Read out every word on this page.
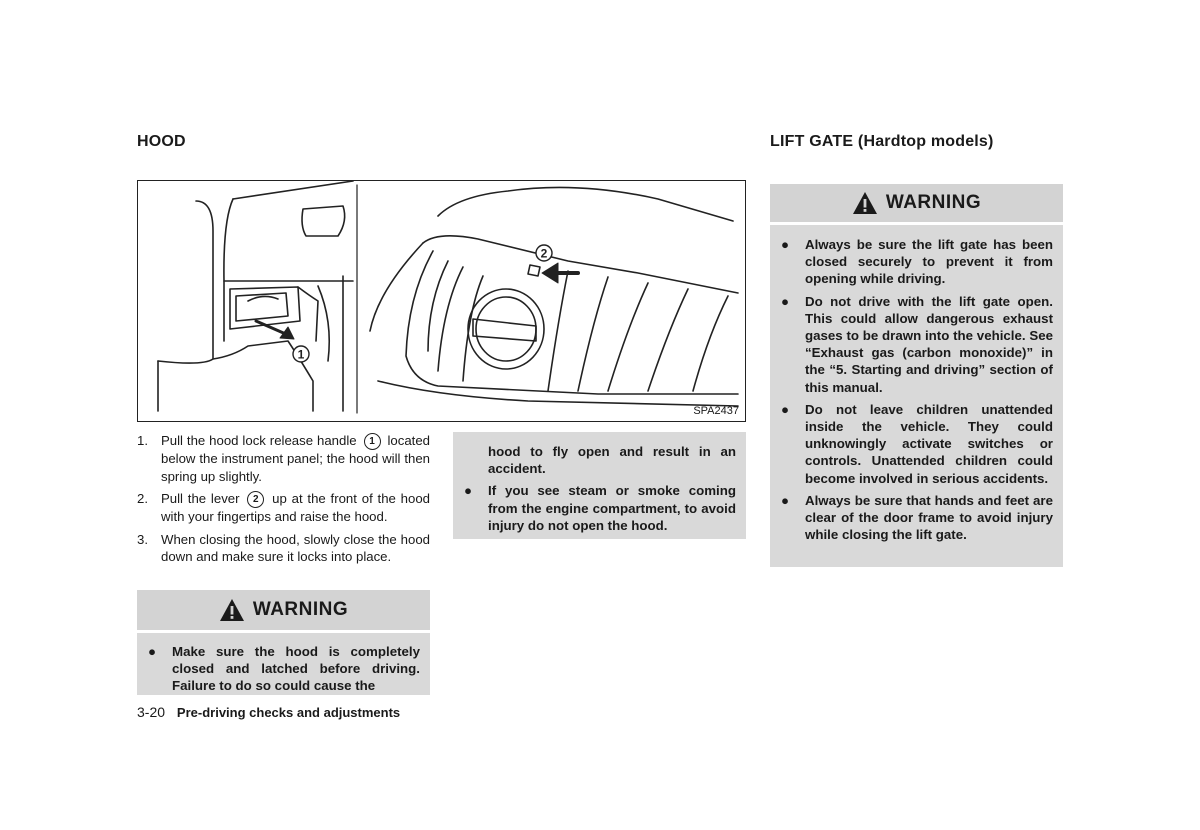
HOOD	LIFT GATE (Hardtop models)
1
2
SPA2437
1. Pull the hood lock release handle 1 located below the instrument panel; the hood will then spring up slightly.
2. Pull the lever 2 up at the front of the hood with your fingertips and raise the hood.
3. When closing the hood, slowly close the hood down and make sure it locks into place.
WARNING
● Make sure the hood is completely closed and latched before driving. Failure to do so could cause the
hood to fly open and result in an accident.
● If you see steam or smoke coming from the engine compartment, to avoid injury do not open the hood.
WARNING
● Always be sure the lift gate has been closed securely to prevent it from opening while driving.
● Do not drive with the lift gate open. This could allow dangerous exhaust gases to be drawn into the vehicle. See “Exhaust gas (carbon monoxide)” in the “5. Starting and driving” section of this manual.
● Do not leave children unattended inside the vehicle. They could unknowingly activate switches or controls. Unattended children could become involved in serious accidents.
● Always be sure that hands and feet are clear of the door frame to avoid injury while closing the lift gate.
3-20 Pre-driving checks and adjustments
